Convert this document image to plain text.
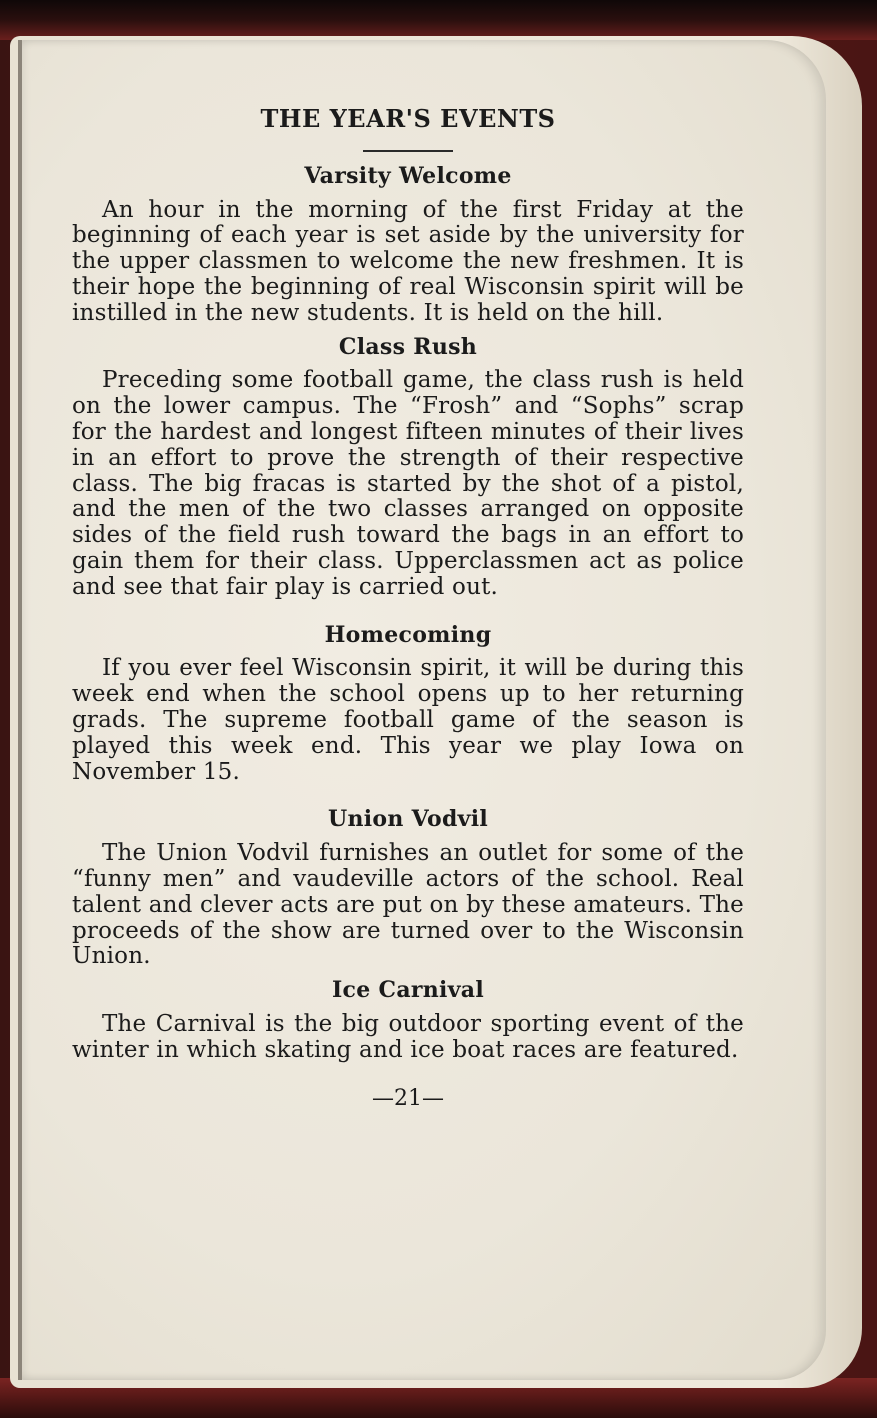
THE YEAR'S EVENTS
Varsity Welcome

An hour in the morning of the first Friday at the beginning of each year is set aside by the university for the upper classmen to welcome the new freshmen. It is their hope the beginning of real Wisconsin spirit will be instilled in the new students. It is held on the hill.

Class Rush

Preceding some football game, the class rush is held on the lower campus. The “Frosh” and “Sophs” scrap for the hardest and longest fifteen minutes of their lives in an effort to prove the strength of their respective class. The big fracas is started by the shot of a pistol, and the men of the two classes arranged on opposite sides of the field rush toward the bags in an effort to gain them for their class. Upperclassmen act as police and see that fair play is carried out.

Homecoming

If you ever feel Wisconsin spirit, it will be during this week end when the school opens up to her returning grads. The supreme football game of the season is played this week end. This year we play Iowa on November 15.

Union Vodvil

The Union Vodvil furnishes an outlet for some of the “funny men” and vaudeville actors of the school. Real talent and clever acts are put on by these amateurs. The proceeds of the show are turned over to the Wisconsin Union.

Ice Carnival

The Carnival is the big outdoor sporting event of the winter in which skating and ice boat races are featured.

—21—
